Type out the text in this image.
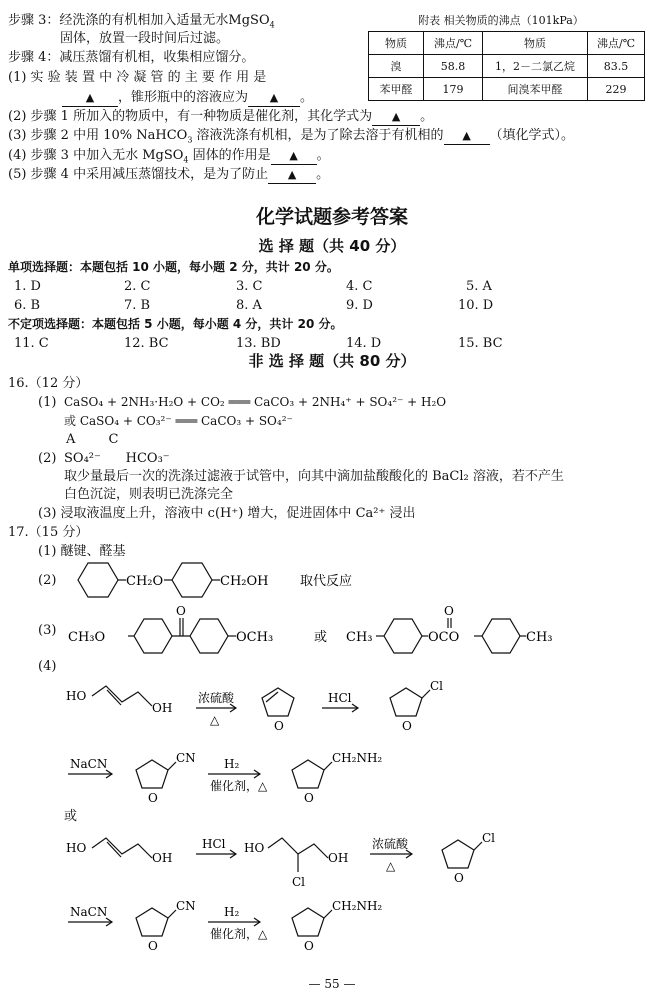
步骤 3：经洗涤的有机相加入适量无水MgSO$_4$
固体，放置一段时间后过滤。
步骤 4：减压蒸馏有机相，收集相应馏分。
(1) 实 验 装 置 中 冷 凝 管 的 主 要 作 用 是
▲ ，锥形瓶中的溶液应为 ▲ 。
(2) 步骤 1 所加入的物质中，有一种物质是催化剂，其化学式为 ▲ 。
(3) 步骤 2 中用 10% NaHCO$_3$ 溶液洗涤有机相，是为了除去溶于有机相的 ▲ （填化学式）。
(4) 步骤 3 中加入无水 MgSO$_4$ 固体的作用是 ▲ 。
(5) 步骤 4 中采用减压蒸馏技术，是为了防止 ▲ 。
附表 相关物质的沸点（101kPa）
物质	沸点/℃	物质	沸点/℃
溴	58.8	1，2－二氯乙烷	83.5
苯甲醛	179	间溴苯甲醛	229
化学试题参考答案
选 择 题（共 40 分）
单项选择题：本题包括 10 小题，每小题 2 分，共计 20 分。
1. D	2. C	3. C	4. C	5. A
6. B	7. B	8. A	9. D	10. D
不定项选择题：本题包括 5 小题，每小题 4 分，共计 20 分。
11. C	12. BC	13. BD	14. D	15. BC
非 选 择 题（共 80 分）
16.（12 分）
(1) CaSO₄ + 2NH₃·H₂O + CO₂ ═══ CaCO₃ + 2NH₄⁺ + SO₄²⁻ + H₂O
或 CaSO₄ + CO₃²⁻ ═══ CaCO₃ + SO₄²⁻
A        C
(2) SO₄²⁻      HCO₃⁻
取少量最后一次的洗涤过滤液于试管中，向其中滴加盐酸酸化的 BaCl₂ 溶液，若不产生
白色沉淀，则表明已洗涤完全
(3) 浸取液温度上升，溶液中 c(H⁺) 增大，促进固体中 Ca²⁺ 浸出
17.（15 分）
(1) 醚键、醛基
(2)	CH₂O	CH₂OH 取代反应
(3)
O	O
CH₃O	OCH₃	或 CH₃	OCO	CH₃
(4)
HO
OH
浓硫酸
△	O
HCl
O
Cl
NaCN
O
CN H₂
催化剂，△
O
CH₂NH₂
或
HO
OH
HCl HO
OH
Cl
浓硫酸
△
O
Cl
NaCN
O
CN H₂
催化剂，△
O
CH₂NH₂
— 55 —
